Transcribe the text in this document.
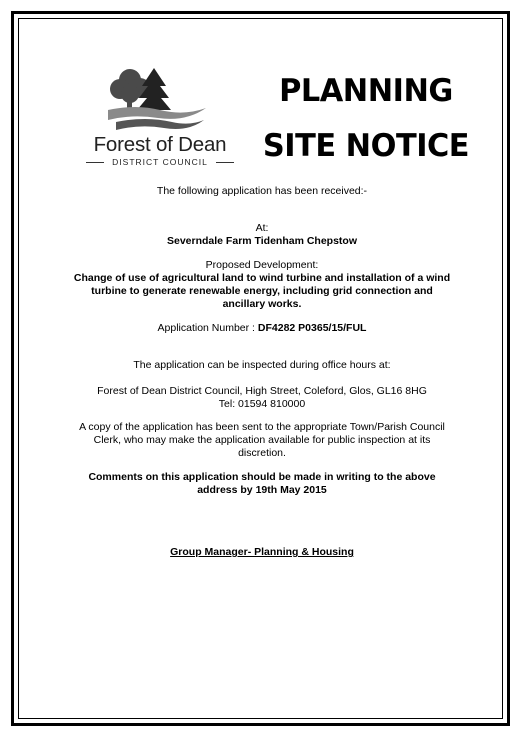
Forest of Dean
DISTRICT COUNCIL
PLANNING
SITE NOTICE
The following application has been received:-
At:
Severndale Farm Tidenham Chepstow
Proposed Development:
Change of use of agricultural land to wind turbine and installation of a wind turbine to generate renewable energy, including grid connection and ancillary works.
Application Number : DF4282 P0365/15/FUL
The application can be inspected during office hours at:
Forest of Dean District Council, High Street, Coleford, Glos, GL16 8HG
Tel: 01594 810000
A copy of the application has been sent to the appropriate Town/Parish Council Clerk, who may make the application available for public inspection at its discretion.
Comments on this application should be made in writing to the above address by 19th May 2015
Group Manager- Planning & Housing
